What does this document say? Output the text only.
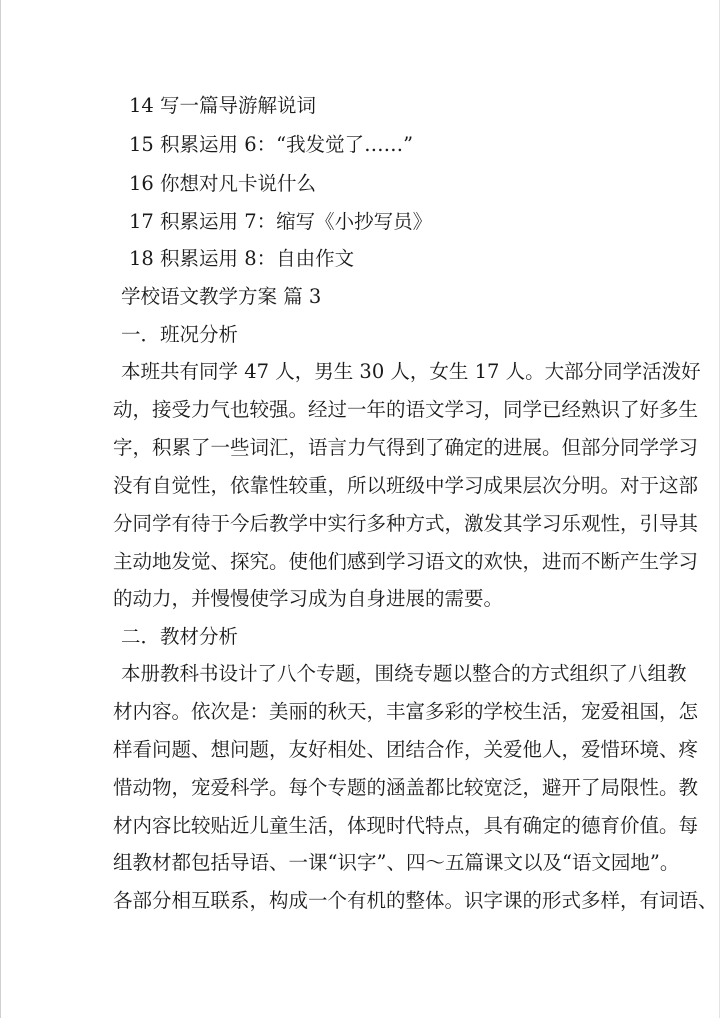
14 写一篇导游解说词
15 积累运用 6：“我发觉了……”
16 你想对凡卡说什么
17 积累运用 7：缩写《小抄写员》
18 积累运用 8：自由作文
学校语文教学方案 篇 3
一．班况分析
本班共有同学 47 人，男生 30 人，女生 17 人。大部分同学活泼好
动，接受力气也较强。经过一年的语文学习，同学已经熟识了好多生
字，积累了一些词汇，语言力气得到了确定的进展。但部分同学学习
没有自觉性，依靠性较重，所以班级中学习成果层次分明。对于这部
分同学有待于今后教学中实行多种方式，激发其学习乐观性，引导其
主动地发觉、探究。使他们感到学习语文的欢快，进而不断产生学习
的动力，并慢慢使学习成为自身进展的需要。
二．教材分析
本册教科书设计了八个专题，围绕专题以整合的方式组织了八组教
材内容。依次是：美丽的秋天，丰富多彩的学校生活，宠爱祖国，怎
样看问题、想问题，友好相处、团结合作，关爱他人，爱惜环境、疼
惜动物，宠爱科学。每个专题的涵盖都比较宽泛，避开了局限性。教
材内容比较贴近儿童生活，体现时代特点，具有确定的德育价值。每
组教材都包括导语、一课“识字”、四～五篇课文以及“语文园地”。
各部分相互联系，构成一个有机的整体。识字课的形式多样，有词语、
